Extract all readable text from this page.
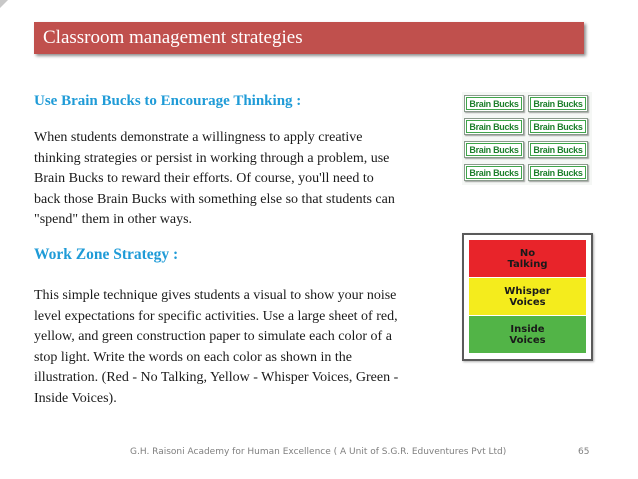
Classroom management strategies
Use Brain Bucks to Encourage Thinking :
When students demonstrate a willingness to apply creative
thinking strategies or persist in working through a problem, use
Brain Bucks to reward their efforts. Of course, you'll need to
back those Brain Bucks with something else so that students can
"spend" them in other ways.
Brain Bucks	Brain Bucks
Brain Bucks	Brain Bucks
Brain Bucks	Brain Bucks
Brain Bucks	Brain Bucks
Work Zone Strategy :
This simple technique gives students a visual to show your noise
level expectations for specific activities. Use a large sheet of red,
yellow, and green construction paper to simulate each color of a
stop light. Write the words on each color as shown in the
illustration. (Red - No Talking, Yellow - Whisper Voices, Green -
Inside Voices).
No
Talking
Whisper
Voices
Inside
Voices
G.H. Raisoni Academy for Human Excellence ( A Unit of S.G.R. Eduventures Pvt Ltd)	65
